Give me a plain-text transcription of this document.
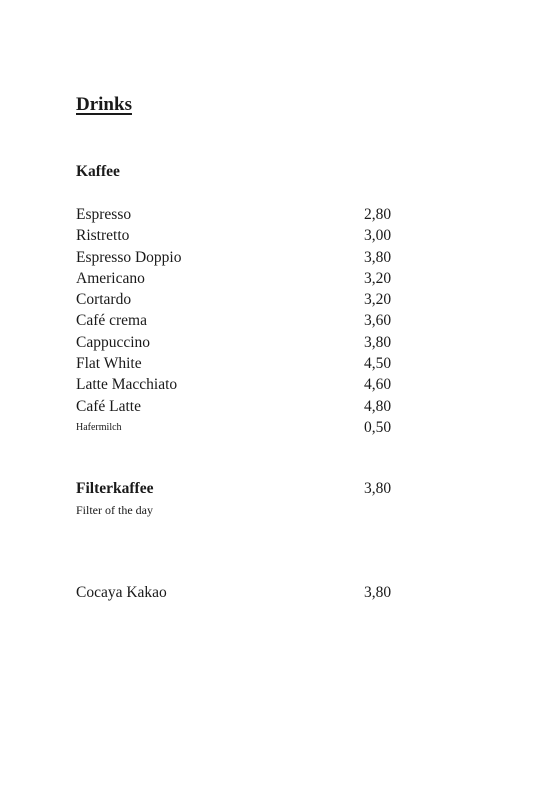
Drinks
Kaffee
Espresso	2,80
Ristretto	3,00
Espresso Doppio	3,80
Americano	3,20
Cortardo	3,20
Café crema	3,60
Cappuccino	3,80
Flat White	4,50
Latte Macchiato	4,60
Café Latte	4,80
Hafermilch	0,50
Filterkaffee	3,80
Filter of the day
Cocaya Kakao	3,80
